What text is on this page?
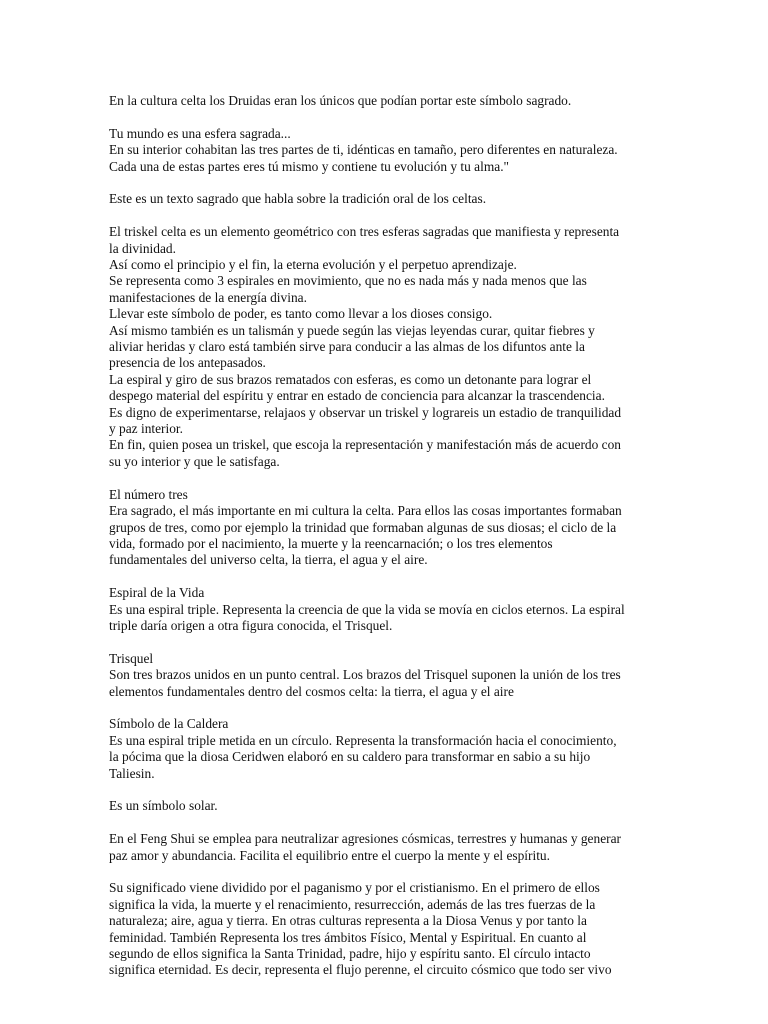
En la cultura celta los Druidas eran los únicos que podían portar este símbolo sagrado.
Tu mundo es una esfera sagrada...
En su interior cohabitan las tres partes de ti, idénticas en tamaño, pero diferentes en naturaleza.
Cada una de estas partes eres tú mismo y contiene tu evolución y tu alma."
Este es un texto sagrado que habla sobre la tradición oral de los celtas.
El triskel celta es un elemento geométrico con tres esferas sagradas que manifiesta y representa
la divinidad.
Así como el principio y el fin, la eterna evolución y el perpetuo aprendizaje.
Se representa como 3 espirales en movimiento, que no es nada más y nada menos que las
manifestaciones de la energía divina.
Llevar este símbolo de poder, es tanto como llevar a los dioses consigo.
Así mismo también es un talismán y puede según las viejas leyendas curar, quitar fiebres y
aliviar heridas y claro está también sirve para conducir a las almas de los difuntos ante la
presencia de los antepasados.
La espiral y giro de sus brazos rematados con esferas, es como un detonante para lograr el
despego material del espíritu y entrar en estado de conciencia para alcanzar la trascendencia.
Es digno de experimentarse, relajaos y observar un triskel y lograreis un estadio de tranquilidad
y paz interior.
En fin, quien posea un triskel, que escoja la representación y manifestación más de acuerdo con
su yo interior y que le satisfaga.
El número tres
Era sagrado, el más importante en mi cultura la celta. Para ellos las cosas importantes formaban
grupos de tres, como por ejemplo la trinidad que formaban algunas de sus diosas; el ciclo de la
vida, formado por el nacimiento, la muerte y la reencarnación; o los tres elementos
fundamentales del universo celta, la tierra, el agua y el aire.
Espiral de la Vida
Es una espiral triple. Representa la creencia de que la vida se movía en ciclos eternos. La espiral
triple daría origen a otra figura conocida, el Trisquel.
Trisquel
Son tres brazos unidos en un punto central. Los brazos del Trisquel suponen la unión de los tres
elementos fundamentales dentro del cosmos celta: la tierra, el agua y el aire
Símbolo de la Caldera
Es una espiral triple metida en un círculo. Representa la transformación hacia el conocimiento,
la pócima que la diosa Ceridwen elaboró en su caldero para transformar en sabio a su hijo
Taliesin.
Es un símbolo solar.
En el Feng Shui se emplea para neutralizar agresiones cósmicas, terrestres y humanas y generar
paz amor y abundancia. Facilita el equilibrio entre el cuerpo la mente y el espíritu.
Su significado viene dividido por el paganismo y por el cristianismo. En el primero de ellos
significa la vida, la muerte y el renacimiento, resurrección, además de las tres fuerzas de la
naturaleza; aire, agua y tierra. En otras culturas representa a la Diosa Venus y por tanto la
feminidad. También Representa los tres ámbitos Físico, Mental y Espiritual. En cuanto al
segundo de ellos significa la Santa Trinidad, padre, hijo y espíritu santo. El círculo intacto
significa eternidad. Es decir, representa el flujo perenne, el circuito cósmico que todo ser vivo
